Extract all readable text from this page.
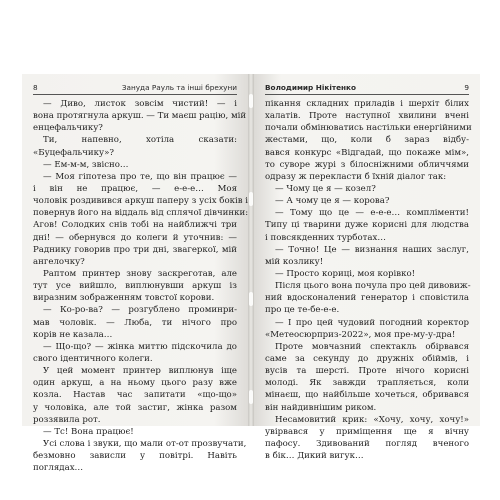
8	Зануда Рауль та інші брехуни
— Диво, листок зовсім чистий! — і
вона протягнула аркуш. — Ти маєш рацію, мій
енцефальчику?
Ти, напевно, хотіла сказати:
«Буцефальчику»?
— Ем-м-м, звісно…
— Моя гіпотеза про те, що він працює —
і він не працює, — е-е-е… Моя
чоловік роздивився аркуш паперу з усіх боків і
повернув його на віддаль від сплячої дівчинки:
Агов! Солодких снів тобі на найближчі три
дні! — обернувся до колеги й уточнив: —
Раднику говорив про три дні, звагеркої, мій
ангелочку?
Раптом принтер знову заскреготав, але
тут усе вийшло, виплюнувши аркуш із
виразним зображенням товстої корови.
— Ко-ро-ва? — розгублено проминри-
мав чоловік. — Люба, ти нічого про
корів не казала…
— Що-що? — жінка миттю підскочила до
свого ідентичного колеги.
У цей момент принтер виплюнув іще
один аркуш, а на ньому цього разу вже
козла. Настав час запитати «що-що»
у чоловіка, але той застиг, жінка разом
роззявила рот.
— Тс! Вона працює!
Усі слова і звуки, що мали от-от прозвучати,
безмовно зависли у повітрі. Навіть
поглядах…
Володимир Нікітенко	9
пікання складних приладів і шерхіт білих
халатів. Проте наступної хвилини вчені
почали обмінюватись настільки енергійними
жестами, що, коли б зараз відбу-
вався конкурс «Відгадай, що покаже мім»,
то суворе журі з білосніжними обличчями
одразу ж перекласти б їхній діалог так:
— Чому це я — козел?
— А чому це я — корова?
— Тому що це — е-е-е… компліменти!
Типу ці тварини дуже корисні для людства
і повсякденних турботах…
— Точно! Це — визнання наших заслуг,
мій козлику!
— Просто кориці, моя корівко!
Після цього вона почула про цей дивовиж-
ний вдосконалений генератор і сповістила
про це те-бе-е-е.
— І про цей чудовий погодний коректор
«Метеосюрприз-2022», моя пре-му-у-дра!
Проте мовчазний спектакль обірвався
саме за секунду до дружніх обіймів, і
вусів та шерсті. Проте нічого корисні
молоді. Як завжди трапляється, коли
мінаєш, що найбільше хочеться, обривався
він найдивнішим риком.
Несамовитий крик: «Хочу, хочу, хочу!»
увірвався у приміщення ще я вічну
пафосу. Здивований погляд вченого
в бік… Дикий вигук…
